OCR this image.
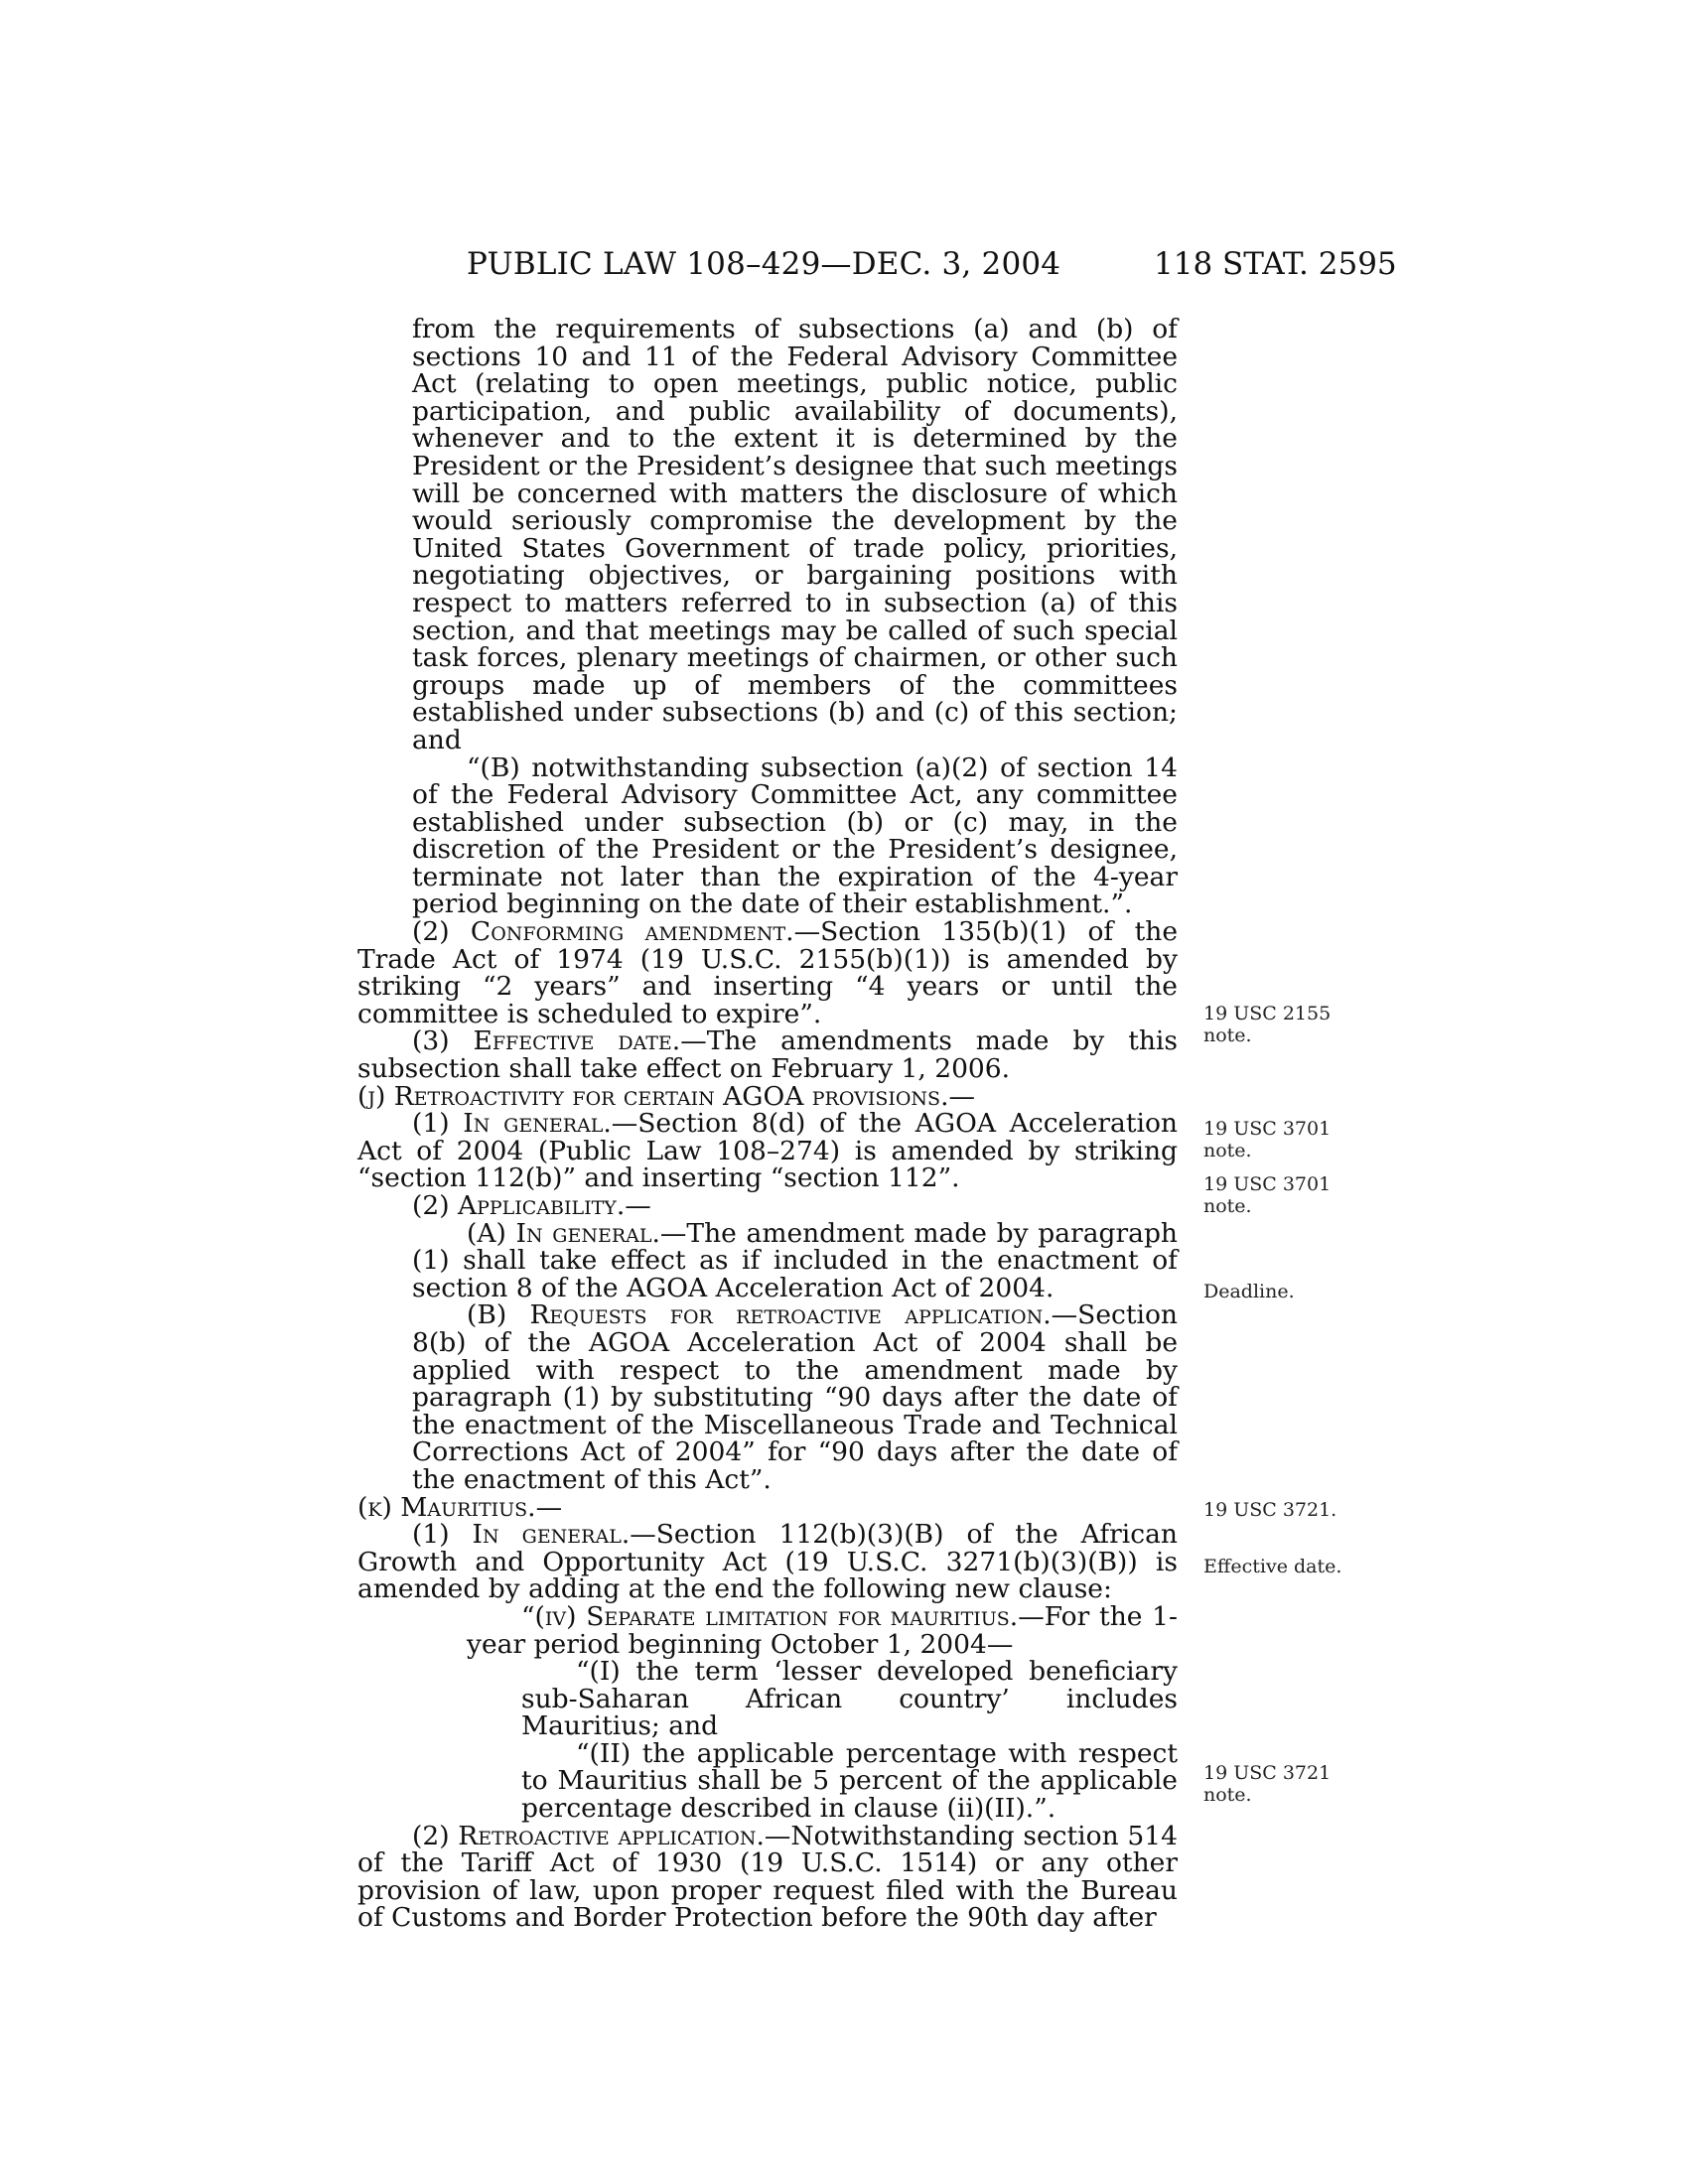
PUBLIC LAW 108–429—DEC. 3, 2004	118 STAT. 2595

from the requirements of subsections (a) and (b) of sections 10 and 11 of the Federal Advisory Committee Act (relating to open meetings, public notice, public participation, and public availability of documents), whenever and to the extent it is determined by the President or the President’s designee that such meetings will be concerned with matters the disclosure of which would seriously compromise the development by the United States Government of trade policy, priorities, negotiating objectives, or bargaining positions with respect to matters referred to in subsection (a) of this section, and that meetings may be called of such special task forces, plenary meetings of chairmen, or other such groups made up of members of the committees established under subsections (b) and (c) of this section; and

“(B) notwithstanding subsection (a)(2) of section 14 of the Federal Advisory Committee Act, any committee established under subsection (b) or (c) may, in the discretion of the President or the President’s designee, terminate not later than the expiration of the 4-year period beginning on the date of their establishment.”.

(2) Conforming amendment.—Section 135(b)(1) of the Trade Act of 1974 (19 U.S.C. 2155(b)(1)) is amended by striking “2 years” and inserting “4 years or until the committee is scheduled to expire”.

(3) Effective date.—The amendments made by this subsection shall take effect on February 1, 2006.

(j) Retroactivity for certain AGOA provisions.—

(1) In general.—Section 8(d) of the AGOA Acceleration Act of 2004 (Public Law 108–274) is amended by striking “section 112(b)” and inserting “section 112”.

(2) Applicability.—

(A) In general.—The amendment made by paragraph (1) shall take effect as if included in the enactment of section 8 of the AGOA Acceleration Act of 2004.

(B) Requests for retroactive application.—Section 8(b) of the AGOA Acceleration Act of 2004 shall be applied with respect to the amendment made by paragraph (1) by substituting “90 days after the date of the enactment of the Miscellaneous Trade and Technical Corrections Act of 2004” for “90 days after the date of the enactment of this Act”.

(k) Mauritius.—

(1) In general.—Section 112(b)(3)(B) of the African Growth and Opportunity Act (19 U.S.C. 3271(b)(3)(B)) is amended by adding at the end the following new clause:

“(iv) Separate limitation for mauritius.—For the 1-year period beginning October 1, 2004—

“(I) the term ‘lesser developed beneficiary sub-Saharan African country’ includes Mauritius; and

“(II) the applicable percentage with respect to Mauritius shall be 5 percent of the applicable percentage described in clause (ii)(II).”.

(2) Retroactive application.—Notwithstanding section 514 of the Tariff Act of 1930 (19 U.S.C. 1514) or any other provision of law, upon proper request filed with the Bureau of Customs and Border Protection before the 90th day after

19 USC 2155
note.
19 USC 3701
note.
19 USC 3701
note.
Deadline.
19 USC 3721.
Effective date.
19 USC 3721
note.
